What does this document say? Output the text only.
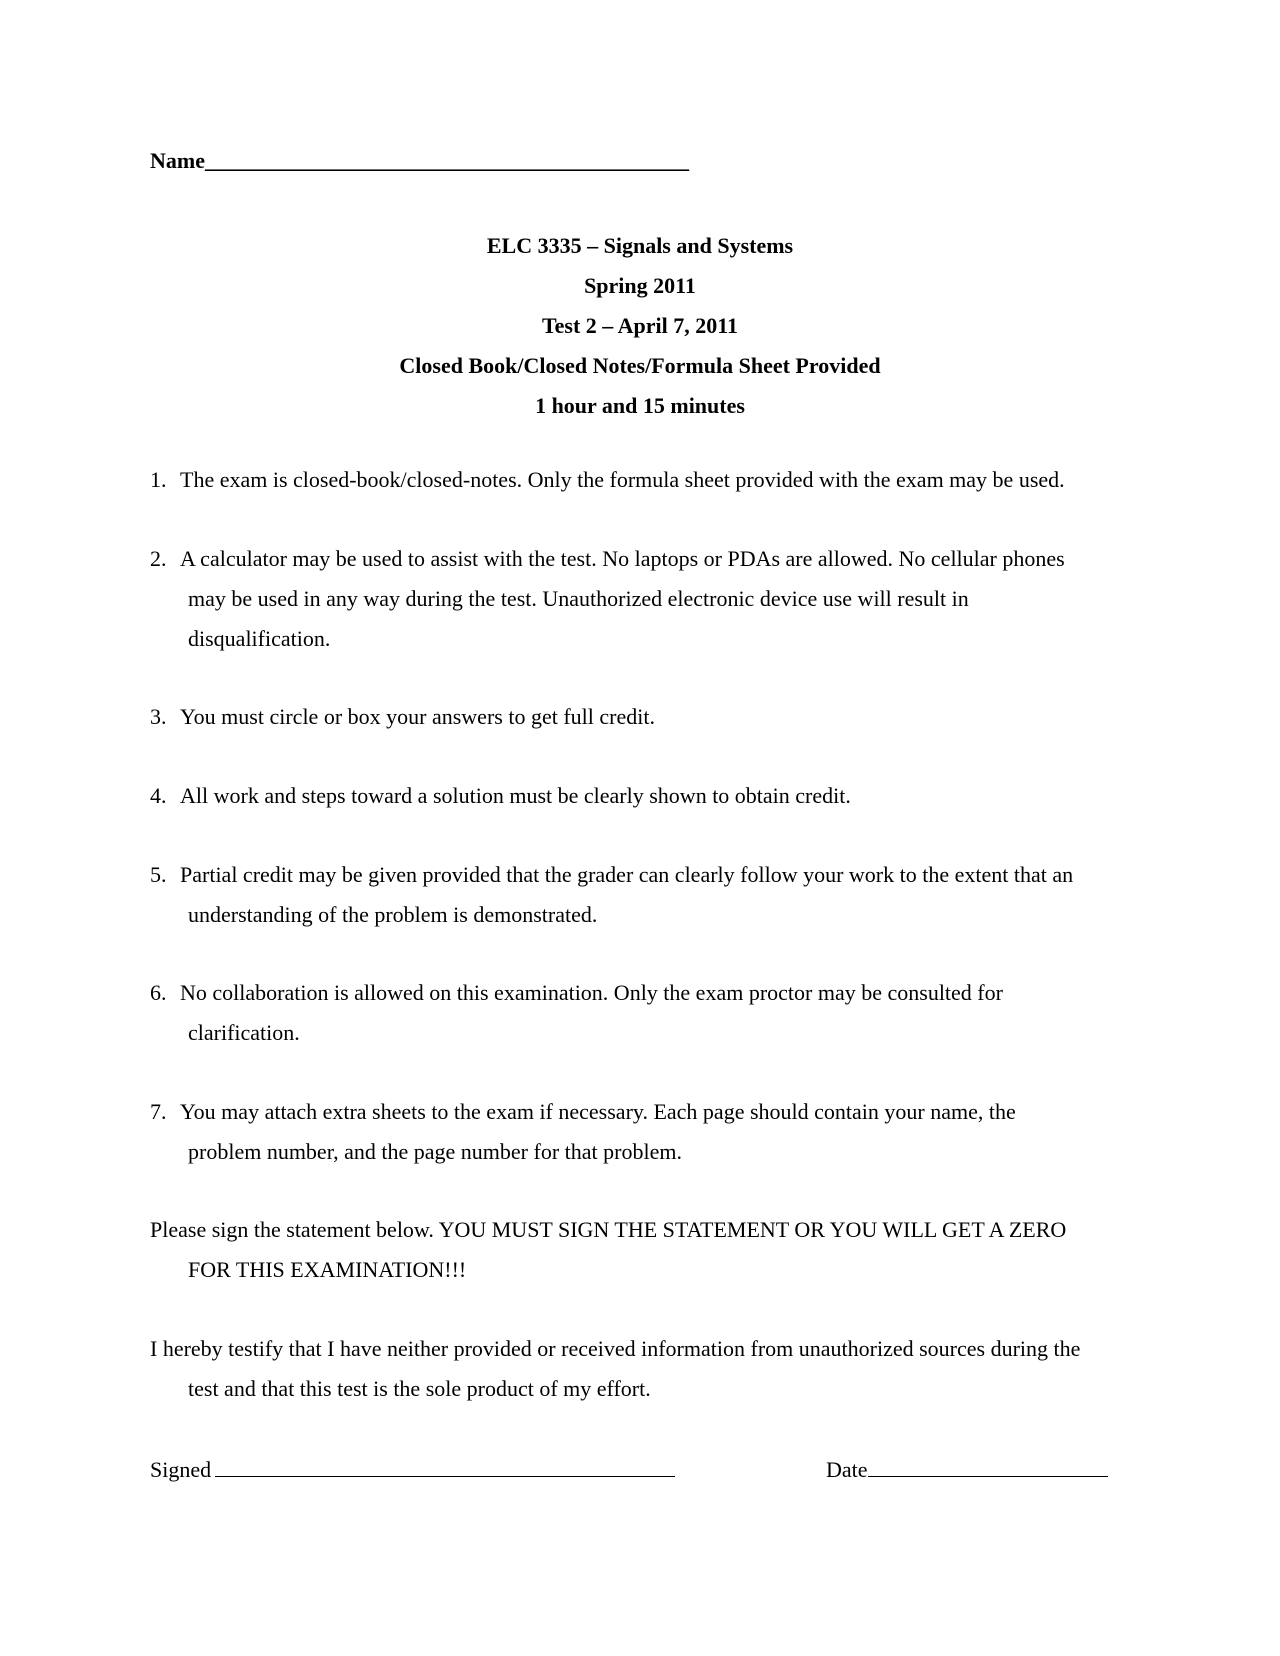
Name____________________________________________
ELC 3335 – Signals and Systems
Spring 2011
Test 2 – April 7, 2011
Closed Book/Closed Notes/Formula Sheet Provided
1 hour and 15 minutes
1. The exam is closed-book/closed-notes. Only the formula sheet provided with the exam may be used.
2. A calculator may be used to assist with the test. No laptops or PDAs are allowed. No cellular phones
may be used in any way during the test. Unauthorized electronic device use will result in
disqualification.
3. You must circle or box your answers to get full credit.
4. All work and steps toward a solution must be clearly shown to obtain credit.
5. Partial credit may be given provided that the grader can clearly follow your work to the extent that an
understanding of the problem is demonstrated.
6. No collaboration is allowed on this examination. Only the exam proctor may be consulted for
clarification.
7. You may attach extra sheets to the exam if necessary. Each page should contain your name, the
problem number, and the page number for that problem.
Please sign the statement below. YOU MUST SIGN THE STATEMENT OR YOU WILL GET A ZERO
FOR THIS EXAMINATION!!!
I hereby testify that I have neither provided or received information from unauthorized sources during the
test and that this test is the sole product of my effort.
Signed	Date
